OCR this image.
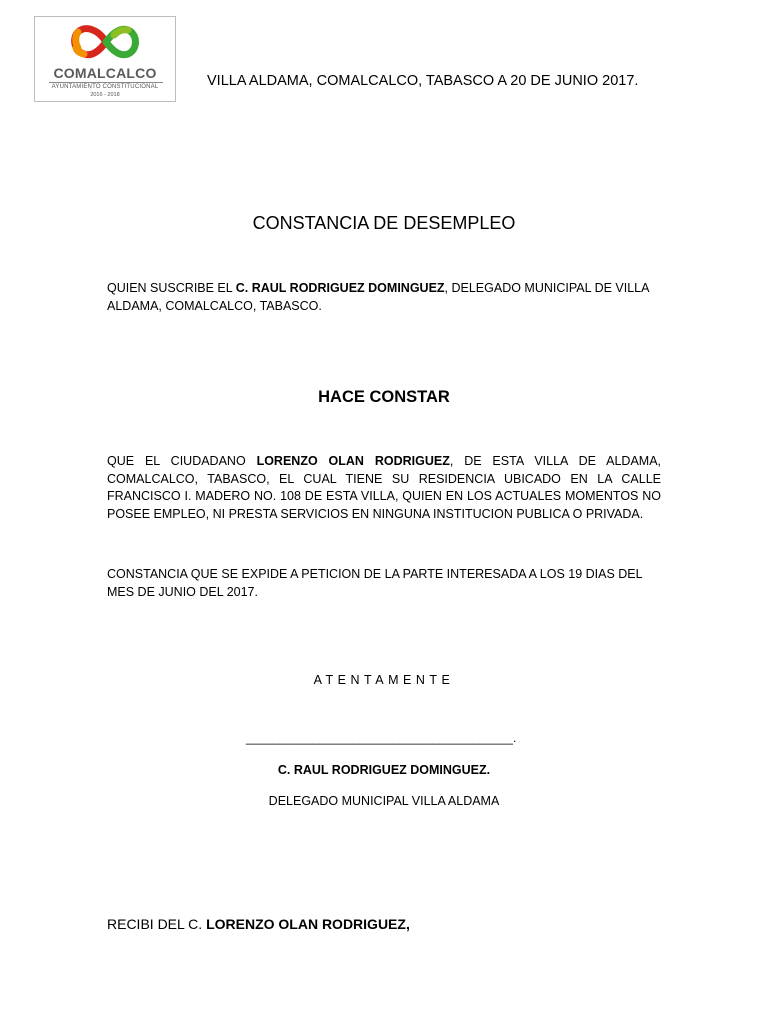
COMALCALCO
AYUNTAMIENTO CONSTITUCIONAL
2016 - 2018
VILLA ALDAMA, COMALCALCO, TABASCO A 20 DE JUNIO 2017.
CONSTANCIA DE DESEMPLEO
QUIEN SUSCRIBE EL C. RAUL RODRIGUEZ DOMINGUEZ, DELEGADO MUNICIPAL DE VILLA ALDAMA, COMALCALCO, TABASCO.
HACE CONSTAR
QUE EL CIUDADANO LORENZO OLAN RODRIGUEZ, DE ESTA VILLA DE ALDAMA, COMALCALCO, TABASCO, EL CUAL TIENE SU RESIDENCIA UBICADO EN LA CALLE FRANCISCO I. MADERO NO. 108 DE ESTA VILLA, QUIEN EN LOS ACTUALES MOMENTOS NO POSEE EMPLEO, NI PRESTA SERVICIOS EN NINGUNA INSTITUCION PUBLICA O PRIVADA.
CONSTANCIA QUE SE EXPIDE A PETICION DE LA PARTE INTERESADA A LOS 19 DIAS DEL MES DE JUNIO DEL 2017.
ATENTAMENTE
________________________________________.
C. RAUL RODRIGUEZ DOMINGUEZ.
DELEGADO MUNICIPAL VILLA ALDAMA
RECIBI DEL C. LORENZO OLAN RODRIGUEZ,
